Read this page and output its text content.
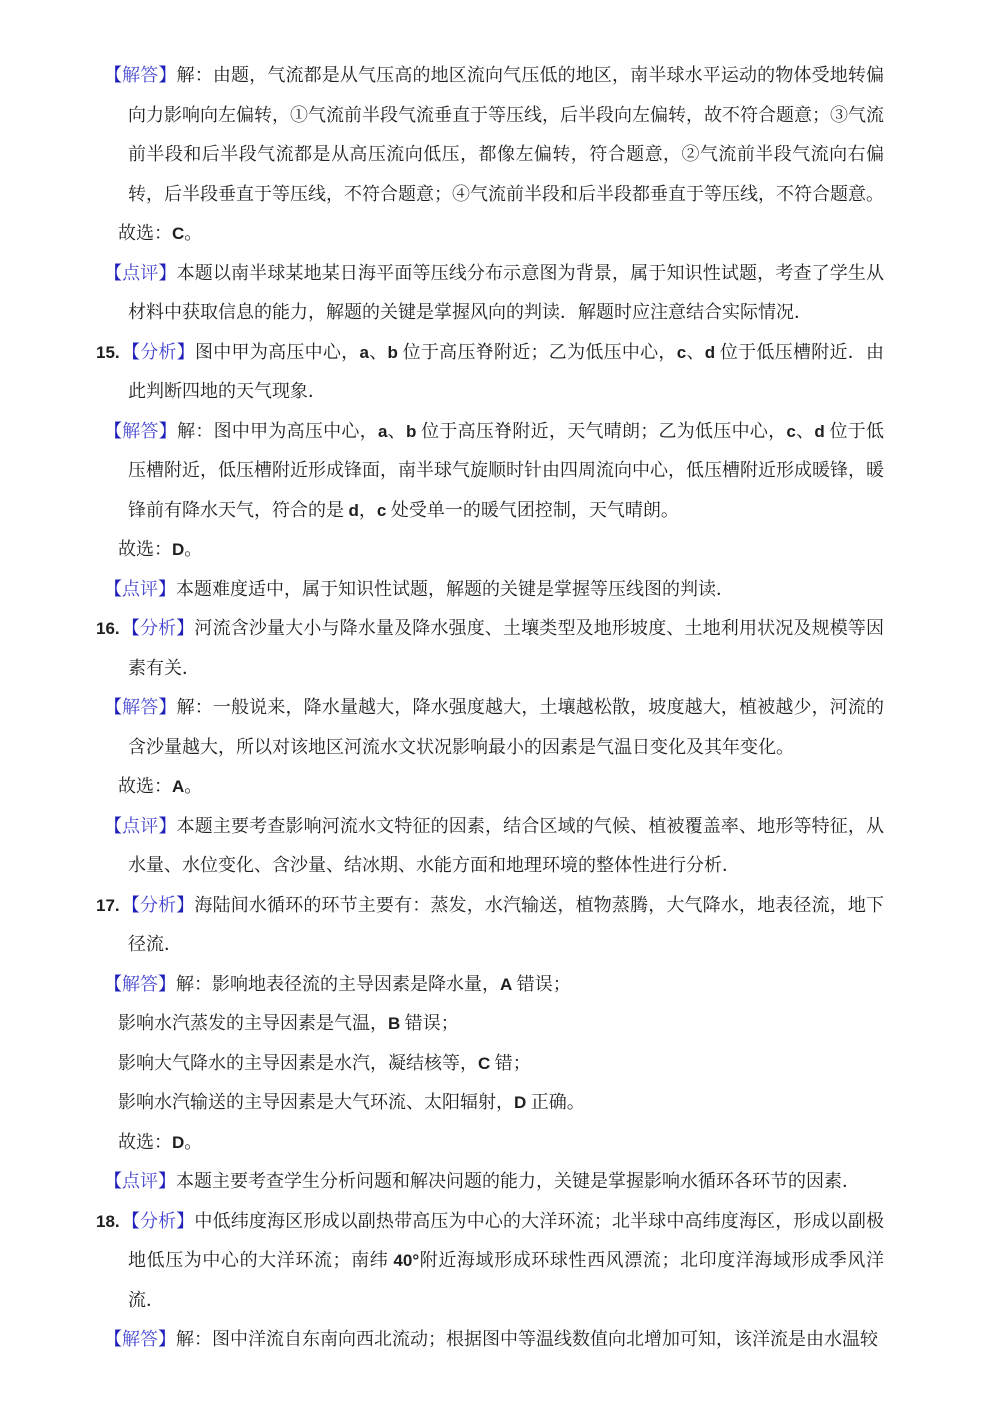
【解答】解：由题，气流都是从气压高的地区流向气压低的地区，南半球水平运动的物体受地转偏向力影响向左偏转，①气流前半段气流垂直于等压线，后半段向左偏转，故不符合题意；③气流前半段和后半段气流都是从高压流向低压，都像左偏转，符合题意，②气流前半段气流向右偏转，后半段垂直于等压线，不符合题意；④气流前半段和后半段都垂直于等压线，不符合题意。

故选：C。

【点评】本题以南半球某地某日海平面等压线分布示意图为背景，属于知识性试题，考查了学生从材料中获取信息的能力，解题的关键是掌握风向的判读．解题时应注意结合实际情况．

15. 【分析】图中甲为高压中心，a、b 位于高压脊附近；乙为低压中心，c、d 位于低压槽附近．由此判断四地的天气现象．

【解答】解：图中甲为高压中心，a、b 位于高压脊附近，天气晴朗；乙为低压中心，c、d 位于低压槽附近，低压槽附近形成锋面，南半球气旋顺时针由四周流向中心，低压槽附近形成暖锋，暖锋前有降水天气，符合的是 d，c 处受单一的暖气团控制，天气晴朗。

故选：D。

【点评】本题难度适中，属于知识性试题，解题的关键是掌握等压线图的判读．

16. 【分析】河流含沙量大小与降水量及降水强度、土壤类型及地形坡度、土地利用状况及规模等因素有关．

【解答】解：一般说来，降水量越大，降水强度越大，土壤越松散，坡度越大，植被越少，河流的含沙量越大，所以对该地区河流水文状况影响最小的因素是气温日变化及其年变化。

故选：A。

【点评】本题主要考查影响河流水文特征的因素，结合区域的气候、植被覆盖率、地形等特征，从水量、水位变化、含沙量、结冰期、水能方面和地理环境的整体性进行分析．

17. 【分析】海陆间水循环的环节主要有：蒸发，水汽输送，植物蒸腾，大气降水，地表径流，地下径流．

【解答】解：影响地表径流的主导因素是降水量，A 错误；

影响水汽蒸发的主导因素是气温，B 错误；

影响大气降水的主导因素是水汽，凝结核等，C 错；

影响水汽输送的主导因素是大气环流、太阳辐射，D 正确。

故选：D。

【点评】本题主要考查学生分析问题和解决问题的能力，关键是掌握影响水循环各环节的因素．

18. 【分析】中低纬度海区形成以副热带高压为中心的大洋环流；北半球中高纬度海区，形成以副极地低压为中心的大洋环流；南纬 40°附近海域形成环球性西风漂流；北印度洋海域形成季风洋流．

【解答】解：图中洋流自东南向西北流动；根据图中等温线数值向北增加可知，该洋流是由水温较
